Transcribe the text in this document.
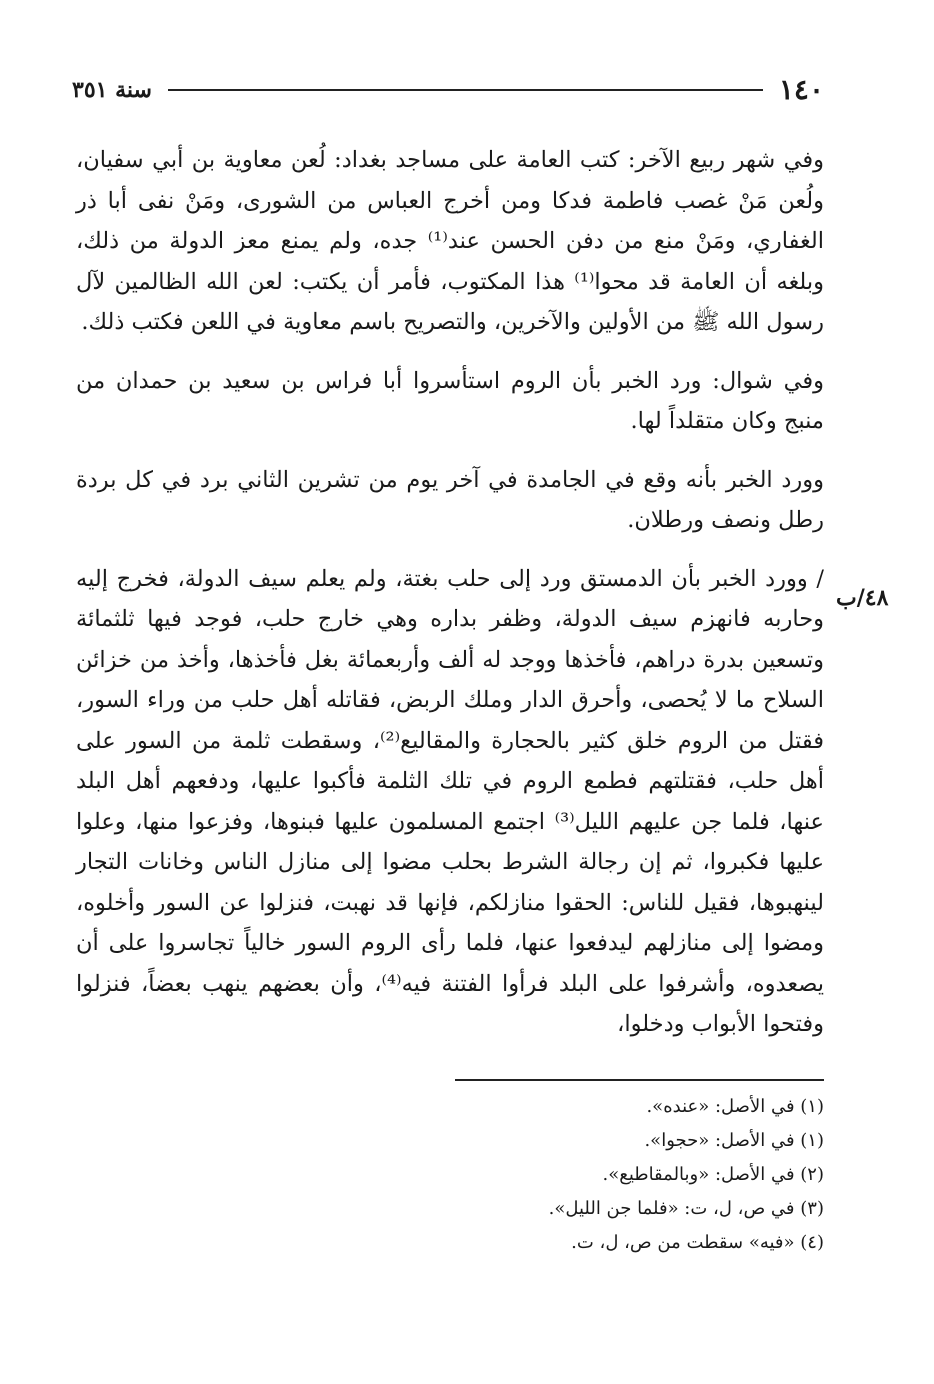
١٤٠
سنة ٣٥١

وفي شهر ربيع الآخر: كتب العامة على مساجد بغداد: لُعن معاوية بن أبي سفيان، ولُعن مَنْ غصب فاطمة فدكا ومن أخرج العباس من الشورى، ومَنْ نفى أبا ذر الغفاري، ومَنْ منع من دفن الحسن عند⁽¹⁾ جده، ولم يمنع معز الدولة من ذلك، وبلغه أن العامة قد محوا⁽¹⁾ هذا المكتوب، فأمر أن يكتب: لعن الله الظالمين لآل رسول الله ﷺ من الأولين والآخرين، والتصريح باسم معاوية في اللعن فكتب ذلك.

وفي شوال: ورد الخبر بأن الروم استأسروا أبا فراس بن سعيد بن حمدان من منبج وكان متقلداً لها.

وورد الخبر بأنه وقع في الجامدة في آخر يوم من تشرين الثاني برد في كل بردة رطل ونصف ورطلان.

/ وورد الخبر بأن الدمستق ورد إلى حلب بغتة، ولم يعلم سيف الدولة، فخرج إليه وحاربه فانهزم سيف الدولة، وظفر بداره وهي خارج حلب، فوجد فيها ثلثمائة وتسعين بدرة دراهم، فأخذها ووجد له ألف وأربعمائة بغل فأخذها، وأخذ من خزائن السلاح ما لا يُحصى، وأحرق الدار وملك الربض، فقاتله أهل حلب من وراء السور، فقتل من الروم خلق كثير بالحجارة والمقاليع⁽²⁾، وسقطت ثلمة من السور على أهل حلب، فقتلتهم فطمع الروم في تلك الثلمة فأكبوا عليها، ودفعهم أهل البلد عنها، فلما جن عليهم الليل⁽³⁾ اجتمع المسلمون عليها فبنوها، وفزعوا منها، وعلوا عليها فكبروا، ثم إن رجالة الشرط بحلب مضوا إلى منازل الناس وخانات التجار لينهبوها، فقيل للناس: الحقوا منازلكم، فإنها قد نهبت، فنزلوا عن السور وأخلوه، ومضوا إلى منازلهم ليدفعوا عنها، فلما رأى الروم السور خالياً تجاسروا على أن يصعدوه، وأشرفوا على البلد فرأوا الفتنة فيه⁽⁴⁾، وأن بعضهم ينهب بعضاً، فنزلوا وفتحوا الأبواب ودخلوا،

٤٨/ب

(١) في الأصل: «عنده».

(١) في الأصل: «حجوا».

(٢) في الأصل: «وبالمقاطيع».

(٣) في ص، ل، ت: «فلما جن الليل».

(٤) «فيه» سقطت من ص، ل، ت.
